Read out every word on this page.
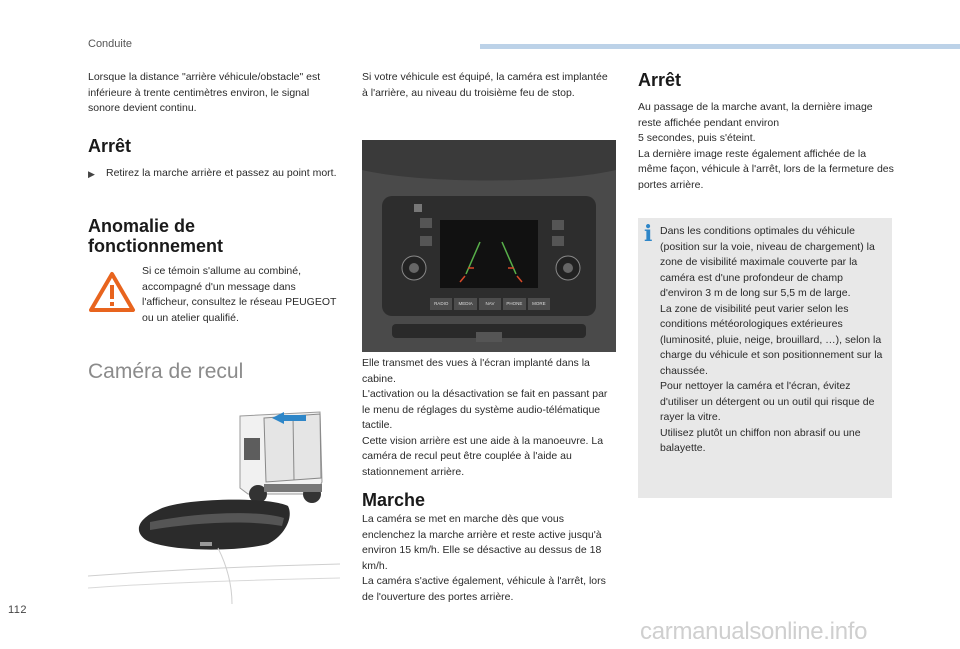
Conduite

Lorsque la distance "arrière véhicule/obstacle" est inférieure à trente centimètres environ, le signal sonore devient continu.

Arrêt
▶ Retirez la marche arrière et passez au point mort.
Anomalie de
fonctionnement

Si ce témoin s'allume au combiné, accompagné d'un message dans l'afficheur, consultez le réseau PEUGEOT ou un atelier qualifié.

Caméra de recul

Si votre véhicule est équipé, la caméra est implantée à l'arrière, au niveau du troisième feu de stop.

RADIO	MEDIA	NAV	PHONE	MORE

Elle transmet des vues à l'écran implanté dans la cabine.
L'activation ou la désactivation se fait en passant par le menu de réglages du système audio-télématique tactile.
Cette vision arrière est une aide à la manoeuvre. La caméra de recul peut être couplée à l'aide au stationnement arrière.

Marche

La caméra se met en marche dès que vous enclenchez la marche arrière et reste active jusqu'à environ 15 km/h. Elle se désactive au dessus de 18 km/h.
La caméra s'active également, véhicule à l'arrêt, lors de l'ouverture des portes arrière.

Arrêt

Au passage de la marche avant, la dernière image reste affichée pendant environ
5 secondes, puis s'éteint.
La dernière image reste également affichée de la même façon, véhicule à l'arrêt, lors de la fermeture des portes arrière.

i Dans les conditions optimales du véhicule (position sur la voie, niveau de chargement) la zone de visibilité maximale couverte par la caméra est d'une profondeur de champ d'environ 3 m de long sur 5,5 m de large.
La zone de visibilité peut varier selon les conditions météorologiques extérieures (luminosité, pluie, neige, brouillard, …), selon la charge du véhicule et son positionnement sur la chaussée.
Pour nettoyer la caméra et l'écran, évitez d'utiliser un détergent ou un outil qui risque de rayer la vitre.
Utilisez plutôt un chiffon non abrasif ou une balayette.

112
carmanualsonline.info
